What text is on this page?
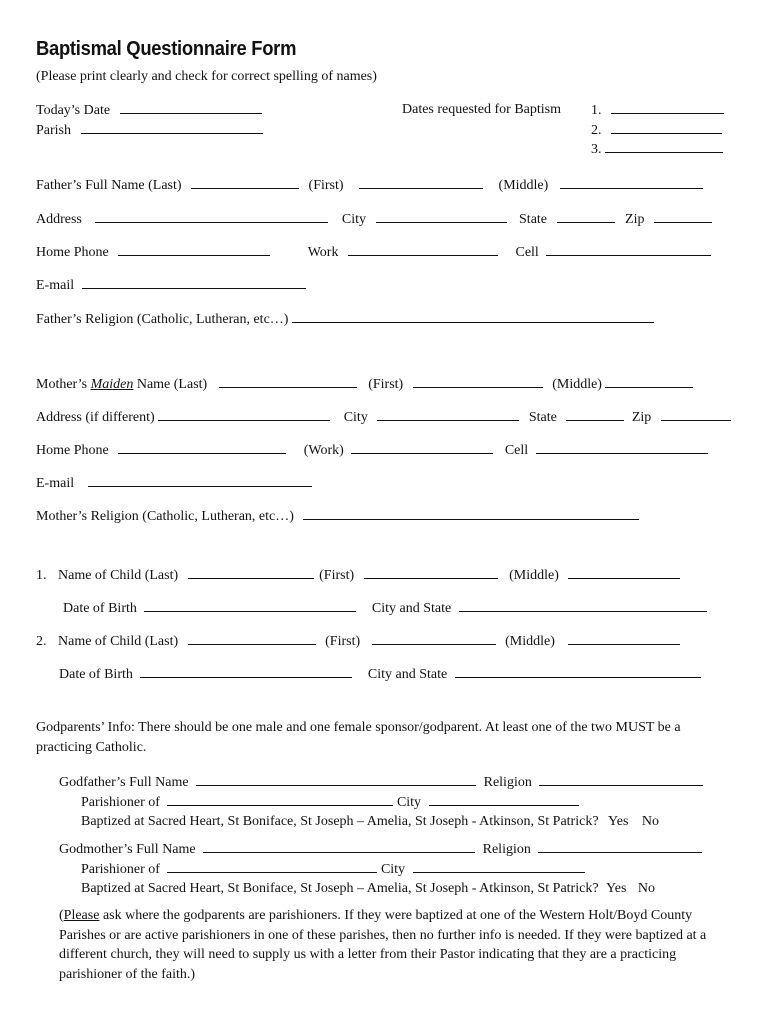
Baptismal Questionnaire Form
(Please print clearly and check for correct spelling of names)
Today’s Date
Parish
Dates requested for Baptism 1.
2.
3.
Father’s Full Name (Last)	(First)	(Middle)
Address	City	State	Zip
Home Phone	Work	Cell
E-mail
Father’s Religion (Catholic, Lutheran, etc…)
Mother’s Maiden Name (Last)	(First)	(Middle)
Address (if different)	City	State	Zip
Home Phone	(Work)	Cell
E-mail
Mother’s Religion (Catholic, Lutheran, etc…)
1. Name of Child (Last)	(First)	(Middle)
Date of Birth	City and State
2. Name of Child (Last)	(First)	(Middle)
Date of Birth	City and State
Godparents’ Info: There should be one male and one female sponsor/godparent. At least one of the two MUST be a practicing Catholic.
Godfather’s Full Name	Religion
Parishioner of	City
Baptized at Sacred Heart, St Boniface, St Joseph – Amelia, St Joseph - Atkinson, St Patrick? Yes No
Godmother’s Full Name	Religion
Parishioner of	City
Baptized at Sacred Heart, St Boniface, St Joseph – Amelia, St Joseph - Atkinson, St Patrick? Yes No
(Please ask where the godparents are parishioners. If they were baptized at one of the Western Holt/Boyd County Parishes or are active parishioners in one of these parishes, then no further info is needed. If they were baptized at a different church, they will need to supply us with a letter from their Pastor indicating that they are a practicing parishioner of the faith.)
